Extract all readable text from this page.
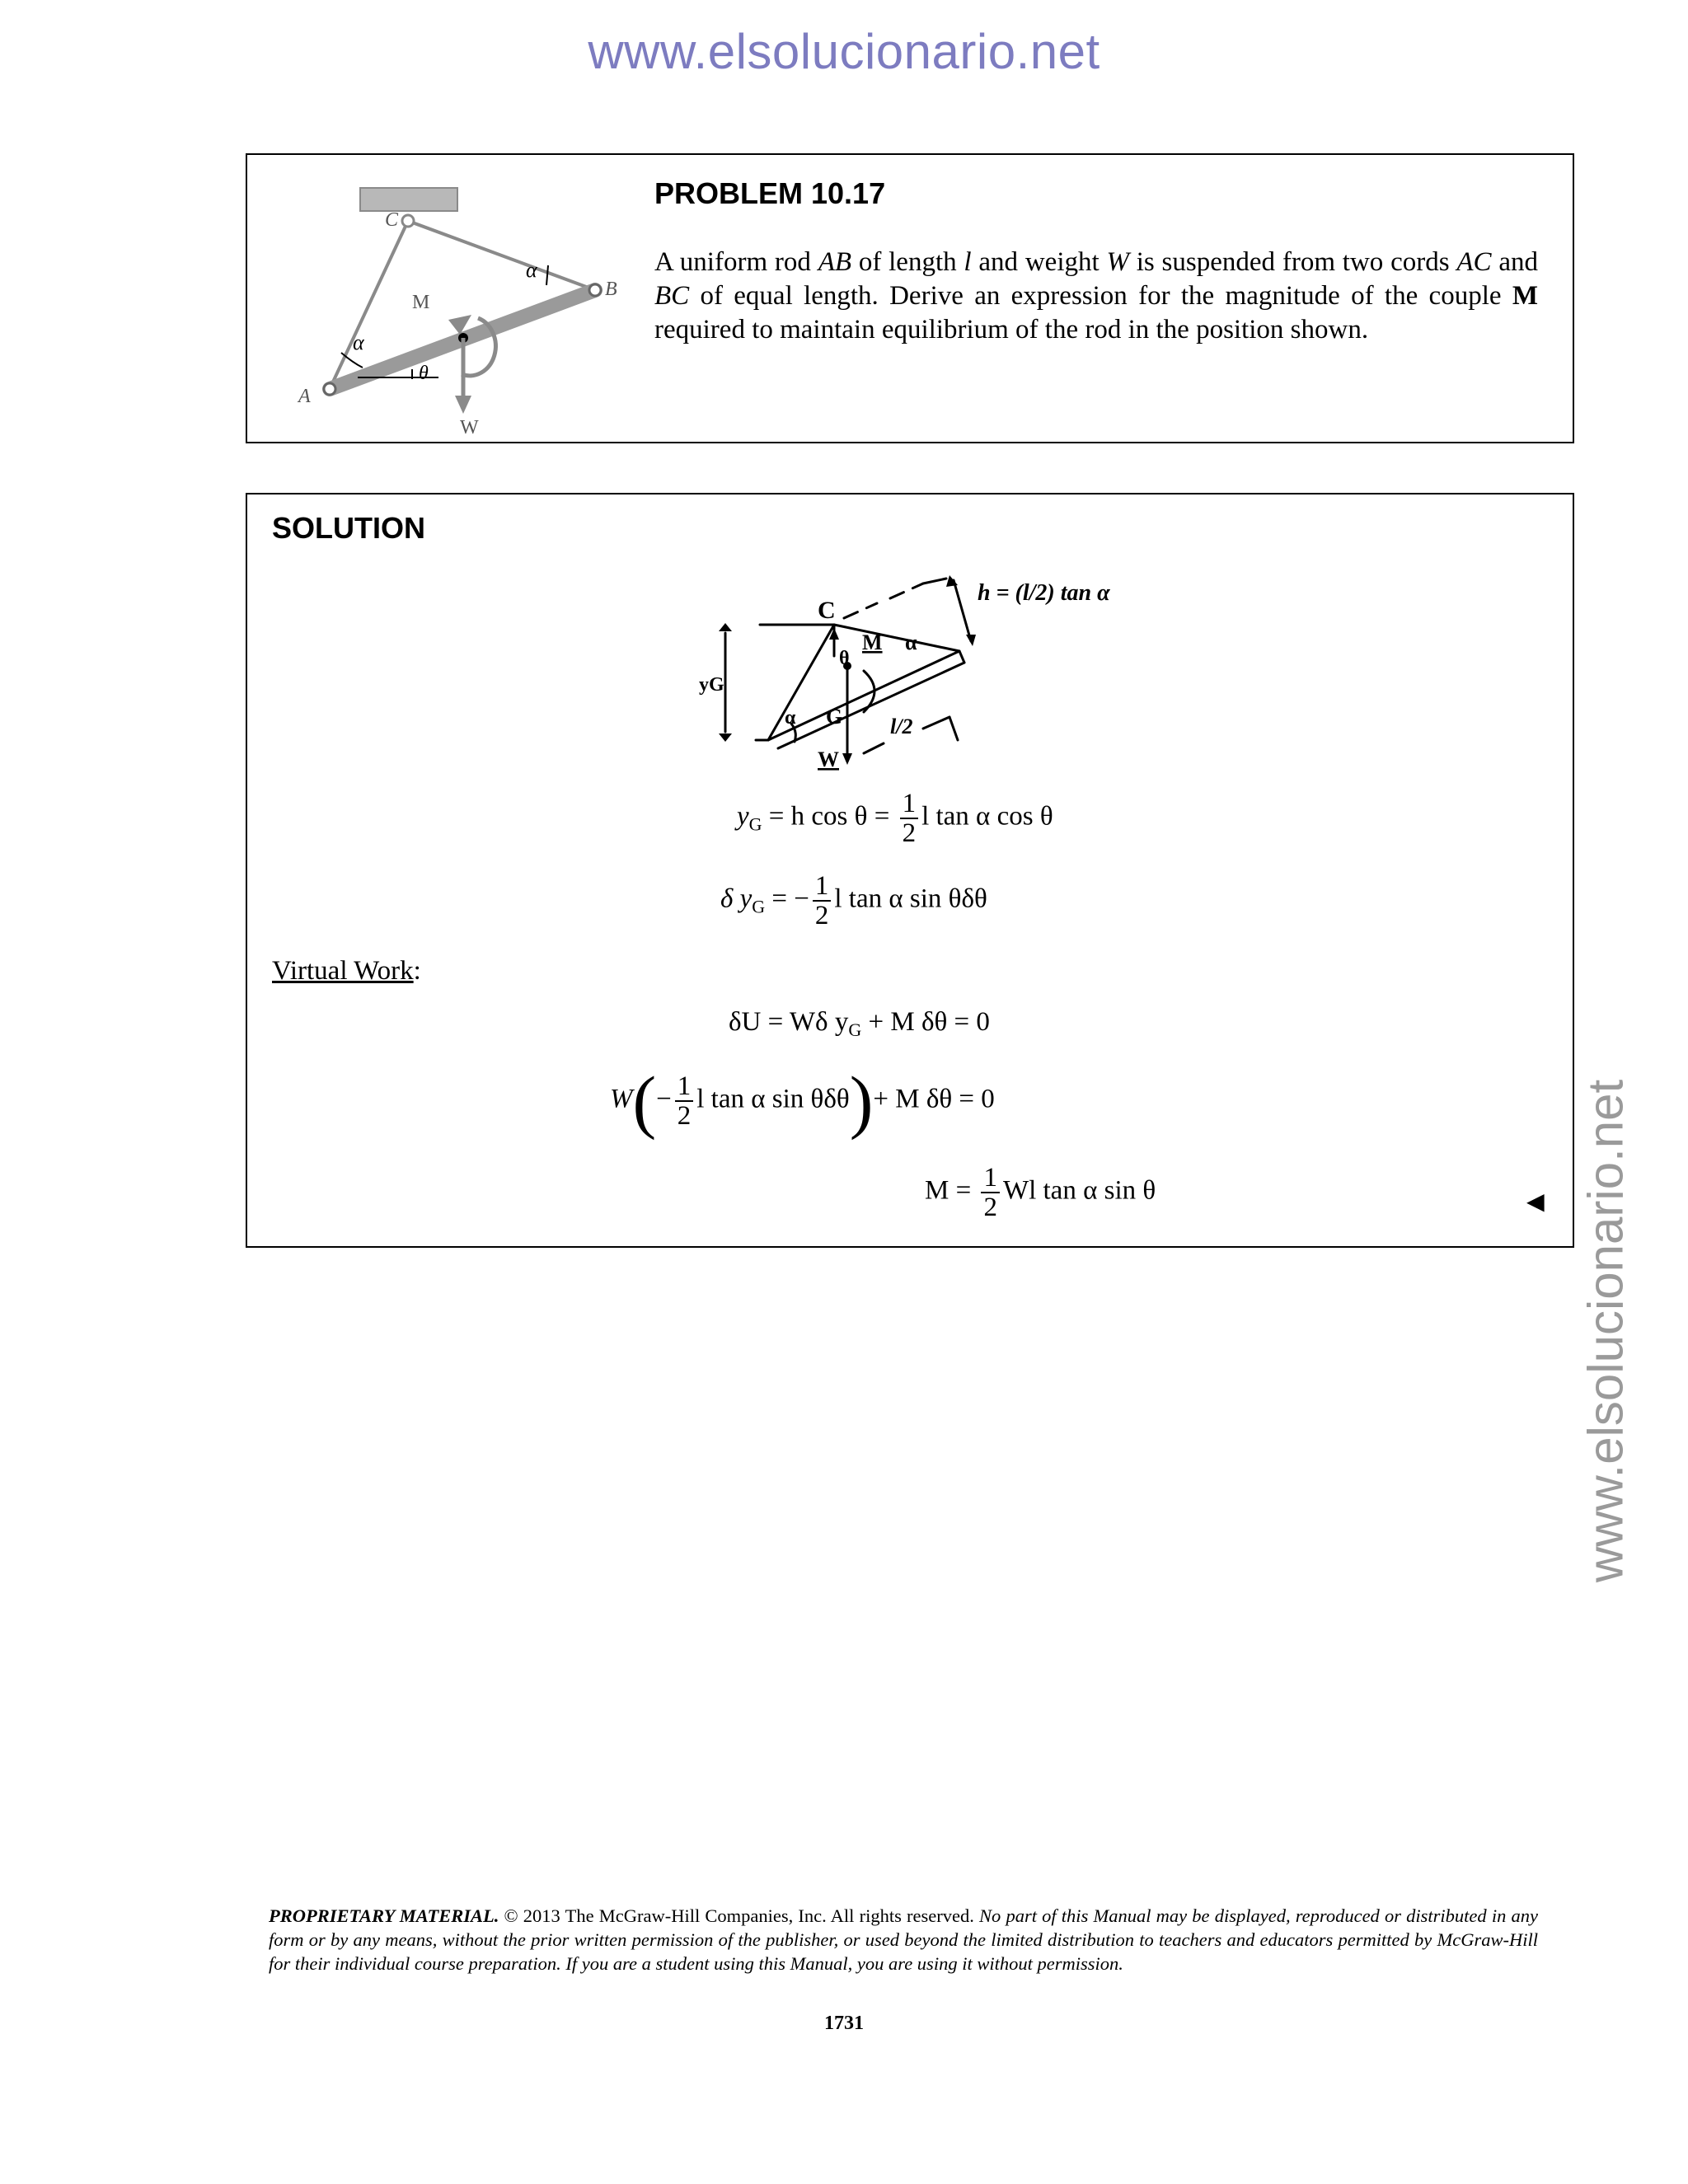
www.elsolucionario.net
www.elsolucionario.net
C
B
A
M
W
α
α
θ
PROBLEM 10.17
A uniform rod AB of length l and weight W is suspended from two cords AC and BC of equal length. Derive an expression for the magnitude of the couple M required to maintain equilibrium of the rod in the position shown.
SOLUTION
C
M α
θ
α G
W
yG
h = (l/2) tan α
l/2
$y_G = h$ $\cos \theta = \frac{1}{2}$ l tan α cos θ
δ $y_G$ = − $\frac{1}{2}$ l tan α sin θδθ
Virtual Work:
δU = Wδ $y_G + M$ δθ = 0
$W(- \frac{1}{2}$ l tan α sin θδθ)+ M δθ = 0
$M = \frac{1}{2}$ Wl tan α sin θ	◄
PROPRIETARY MATERIAL. © 2013 The McGraw-Hill Companies, Inc. All rights reserved. No part of this Manual may be displayed, reproduced or distributed in any form or by any means, without the prior written permission of the publisher, or used beyond the limited distribution to teachers and educators permitted by McGraw-Hill for their individual course preparation. If you are a student using this Manual, you are using it without permission.
1731
